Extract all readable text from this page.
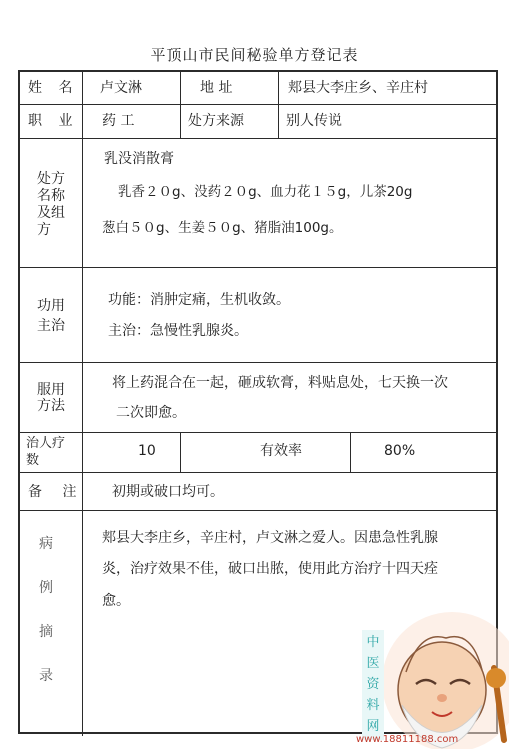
平顶山市民间秘验单方登记表
姓 名 卢文淋	地 址	郏县大李庄乡、辛庄村
职 业 药 工	处方来源	别人传说
处方名称及组方
乳没消散膏
乳香２０g、没药２０g、血力花１５g，儿茶20g
葱白５０g、生姜５０g、猪脂油100g。
功用主治
功能：消肿定痛，生机收敛。
主治：急慢性乳腺炎。
服用方法
将上药混合在一起，砸成软膏，料贴息处，七天换一次
二次即愈。
治人疗数
10	有效率	80%
备 注 初期或破口均可。
病例摘录
郏县大李庄乡，辛庄村，卢文淋之爱人。因患急性乳腺
炎，治疗效果不佳，破口出脓，使用此方治疗十四天痊
愈。
中
医
资
料
网
www.18811188.com
